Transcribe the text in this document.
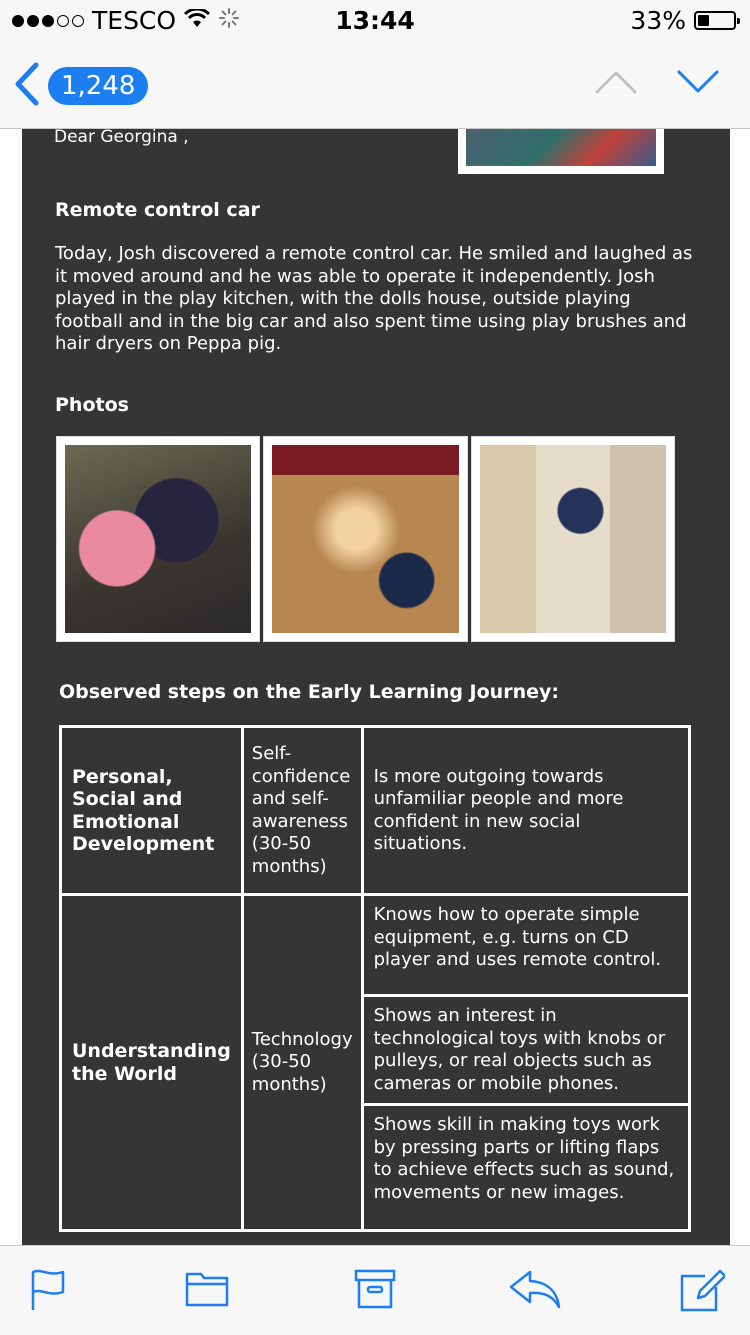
TESCO	13:44	33%
1,248
Dear Georgina ,
Remote control car
Today, Josh discovered a remote control car. He smiled and laughed as it moved around and he was able to operate it independently. Josh played in the play kitchen, with the dolls house, outside playing football and in the big car and also spent time using play brushes and hair dryers on Peppa pig.
Photos
Observed steps on the Early Learning Journey:
Personal, Social and Emotional Development	Self-confidence and self-awareness (30-50 months)	Is more outgoing towards unfamiliar people and more confident in new social situations.
Understanding the World	Technology (30-50 months)	Knows how to operate simple equipment, e.g. turns on CD player and uses remote control.
		Shows an interest in technological toys with knobs or pulleys, or real objects such as cameras or mobile phones.
		Shows skill in making toys work by pressing parts or lifting flaps to achieve effects such as sound, movements or new images.
